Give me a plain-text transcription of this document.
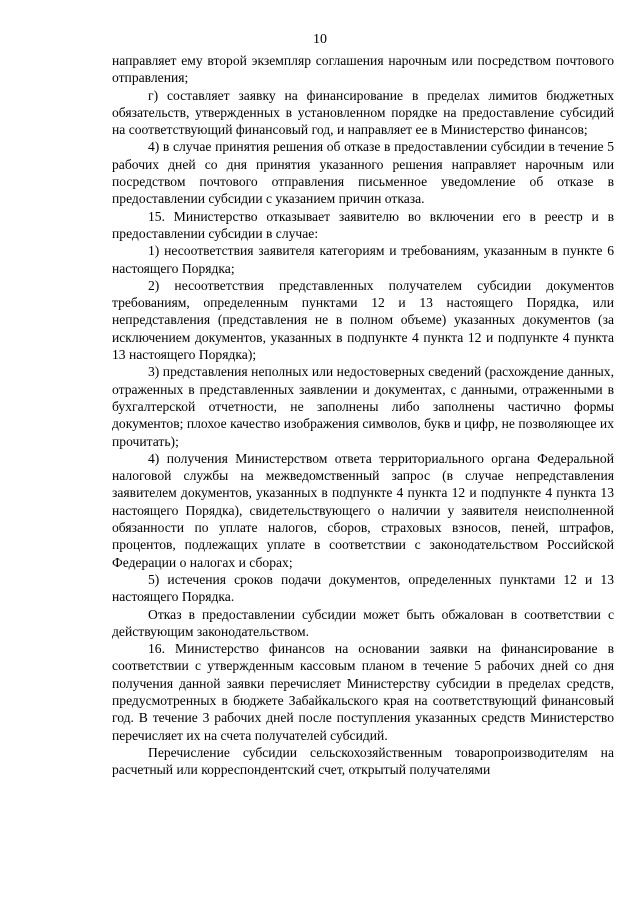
10

направляет ему второй экземпляр соглашения нарочным или посредством почтового отправления;

г) составляет заявку на финансирование в пределах лимитов бюджетных обязательств, утвержденных в установленном порядке на предоставление субсидий на соответствующий финансовый год, и направляет ее в Министерство финансов;

4) в случае принятия решения об отказе в предоставлении субсидии в течение 5 рабочих дней со дня принятия указанного решения направляет нарочным или посредством почтового отправления письменное уведомление об отказе в предоставлении субсидии с указанием причин отказа.

15. Министерство отказывает заявителю во включении его в реестр и в предоставлении субсидии в случае:

1) несоответствия заявителя категориям и требованиям, указанным в пункте 6 настоящего Порядка;

2) несоответствия представленных получателем субсидии документов требованиям, определенным пунктами 12 и 13 настоящего Порядка, или непредставления (представления не в полном объеме) указанных документов (за исключением документов, указанных в подпункте 4 пункта 12 и подпункте 4 пункта 13 настоящего Порядка);

3) представления неполных или недостоверных сведений (расхождение данных, отраженных в представленных заявлении и документах, с данными, отраженными в бухгалтерской отчетности, не заполнены либо заполнены частично формы документов; плохое качество изображения символов, букв и цифр, не позволяющее их прочитать);

4) получения Министерством ответа территориального органа Федеральной налоговой службы на межведомственный запрос (в случае непредставления заявителем документов, указанных в подпункте 4 пункта 12 и подпункте 4 пункта 13 настоящего Порядка), свидетельствующего о наличии у заявителя неисполненной обязанности по уплате налогов, сборов, страховых взносов, пеней, штрафов, процентов, подлежащих уплате в соответствии с законодательством Российской Федерации о налогах и сборах;

5) истечения сроков подачи документов, определенных пунктами 12 и 13 настоящего Порядка.

Отказ в предоставлении субсидии может быть обжалован в соответствии с действующим законодательством.

16. Министерство финансов на основании заявки на финансирование в соответствии с утвержденным кассовым планом в течение 5 рабочих дней со дня получения данной заявки перечисляет Министерству субсидии в пределах средств, предусмотренных в бюджете Забайкальского края на соответствующий финансовый год. В течение 3 рабочих дней после поступления указанных средств Министерство перечисляет их на счета получателей субсидий.

Перечисление субсидии сельскохозяйственным товаропроизводителям на расчетный или корреспондентский счет, открытый получателями
